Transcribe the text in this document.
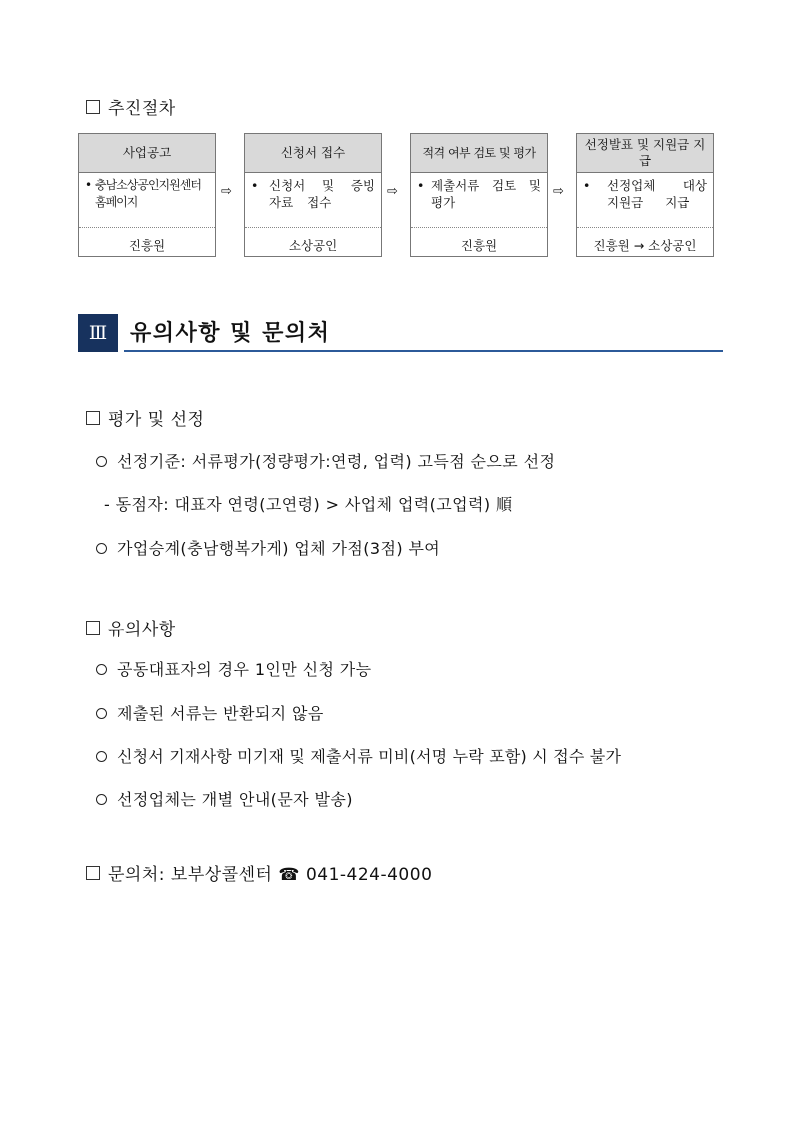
추진절차
사업공고
• 충남소상공인지원센터 홈페이지
진흥원
⇨
신청서 접수
• 신청서 및 증빙 자료 접수
소상공인
⇨
적격 여부 검토 및 평가
• 제출서류 검토 및 평가
진흥원
⇨
선정발표 및 지원금 지급
• 선정업체 대상 지원금 지급
진흥원 → 소상공인
Ⅲ	유의사항 및 문의처
평가 및 선정
선정기준: 서류평가(정량평가:연령, 업력) 고득점 순으로 선정
- 동점자: 대표자 연령(고연령) > 사업체 업력(고업력) 順
가업승계(충남행복가게) 업체 가점(3점) 부여
유의사항
공동대표자의 경우 1인만 신청 가능
제출된 서류는 반환되지 않음
신청서 기재사항 미기재 및 제출서류 미비(서명 누락 포함) 시 접수 불가
선정업체는 개별 안내(문자 발송)
문의처: 보부상콜센터 ☎ 041-424-4000
